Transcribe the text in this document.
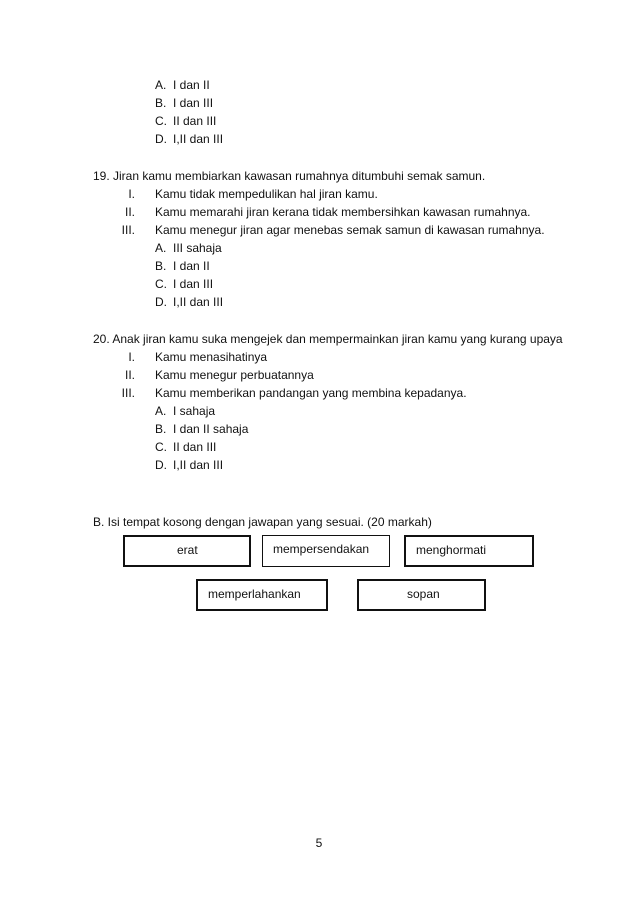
A. I dan II
B. I dan III
C. II dan III
D. I,II dan III
19. Jiran kamu membiarkan kawasan rumahnya ditumbuhi semak samun.
I. Kamu tidak mempedulikan hal jiran kamu.
II. Kamu memarahi jiran kerana tidak membersihkan kawasan rumahnya.
III. Kamu menegur jiran agar menebas semak samun di kawasan rumahnya.
A. III sahaja
B. I dan II
C. I dan III
D. I,II dan III
20. Anak jiran kamu suka mengejek dan mempermainkan jiran kamu yang kurang upaya
I. Kamu menasihatinya
II. Kamu menegur perbuatannya
III. Kamu memberikan pandangan yang membina kepadanya.
A. I sahaja
B. I dan II sahaja
C. II dan III
D. I,II dan III
B. Isi tempat kosong dengan jawapan yang sesuai. (20 markah)
erat	mempersendakan	menghormati
memperlahankan	sopan
5
